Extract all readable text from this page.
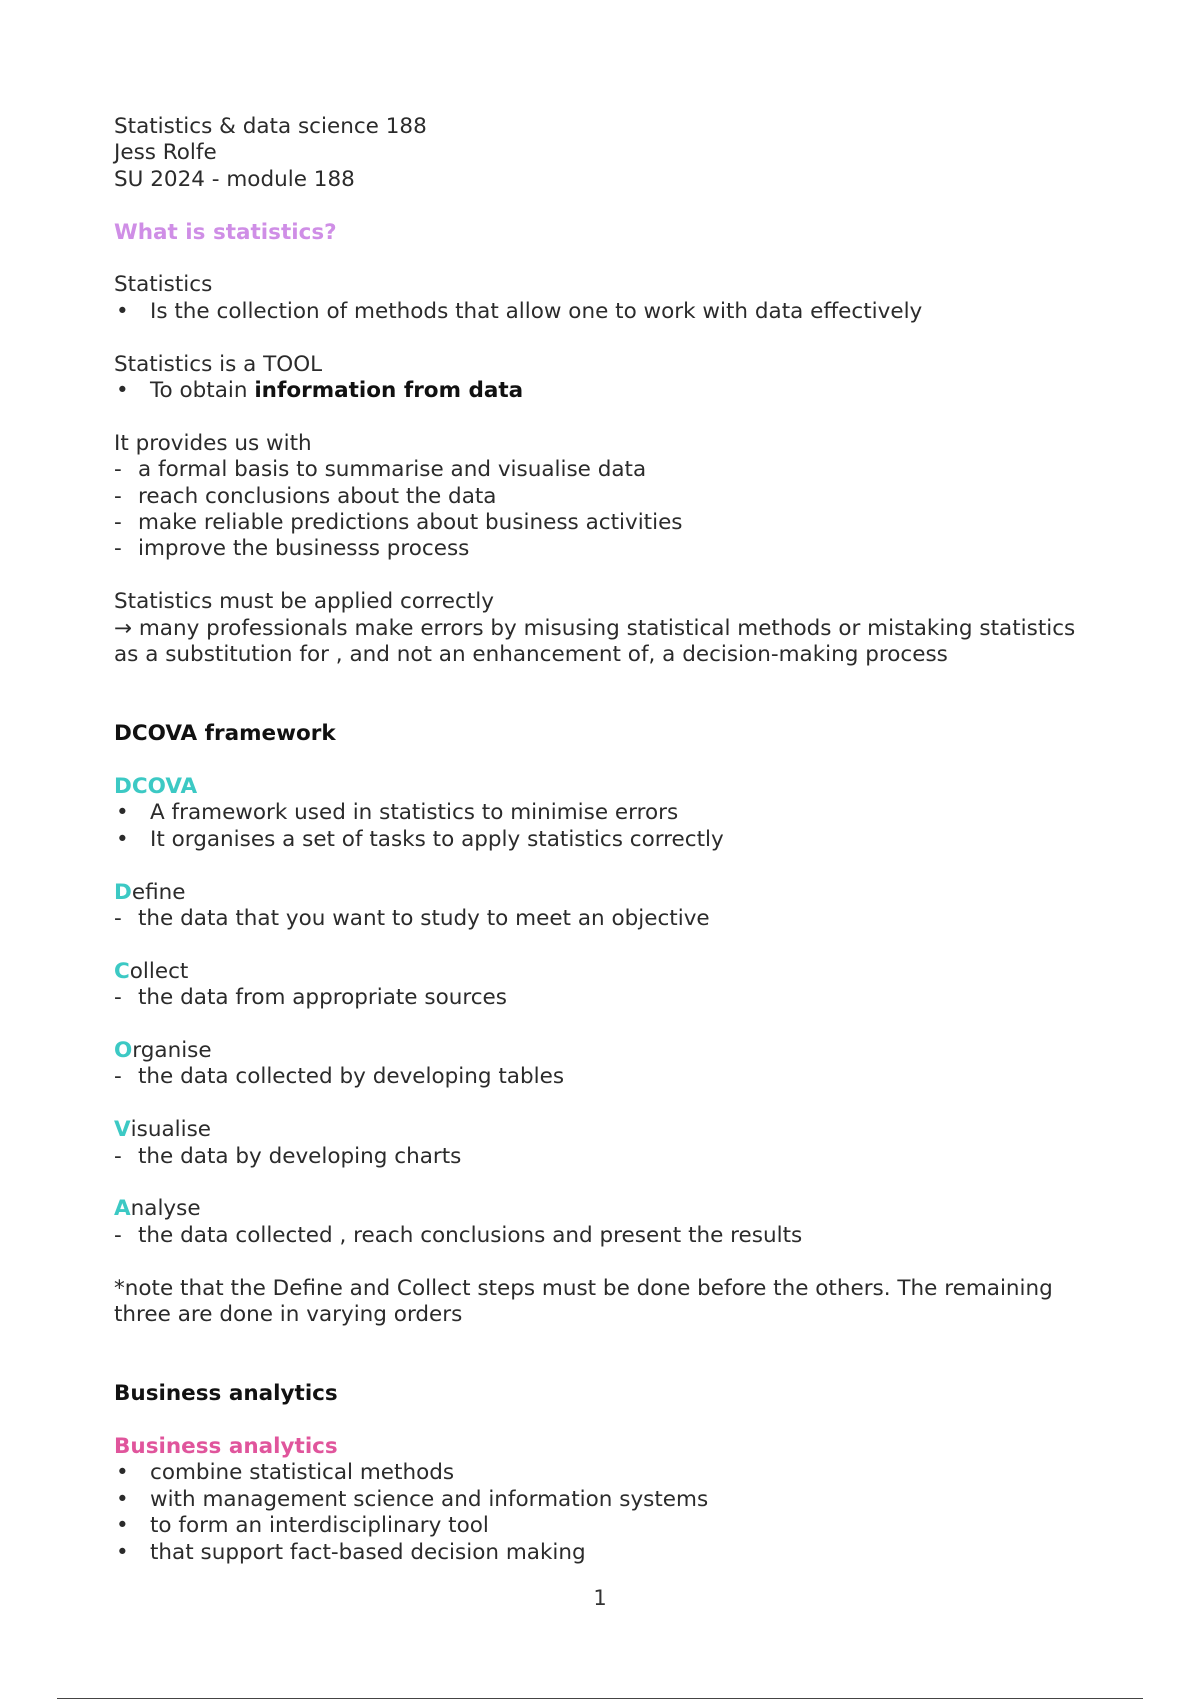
Statistics & data science 188
Jess Rolfe
SU 2024 - module 188
What is statistics?
Statistics
• Is the collection of methods that allow one to work with data effectively
Statistics is a TOOL
• To obtain information from data
It provides us with
- a formal basis to summarise and visualise data
- reach conclusions about the data
- make reliable predictions about business activities
- improve the businesss process
Statistics must be applied correctly
→ many professionals make errors by misusing statistical methods or mistaking statistics as a substitution for , and not an enhancement of, a decision-making process
DCOVA framework
DCOVA
• A framework used in statistics to minimise errors
• It organises a set of tasks to apply statistics correctly
Define
- the data that you want to study to meet an objective
Collect
- the data from appropriate sources
Organise
- the data collected by developing tables
Visualise
- the data by developing charts
Analyse
- the data collected , reach conclusions and present the results
*note that the Define and Collect steps must be done before the others. The remaining three are done in varying orders
Business analytics
Business analytics
• combine statistical methods
• with management science and information systems
• to form an interdisciplinary tool
• that support fact-based decision making
1
